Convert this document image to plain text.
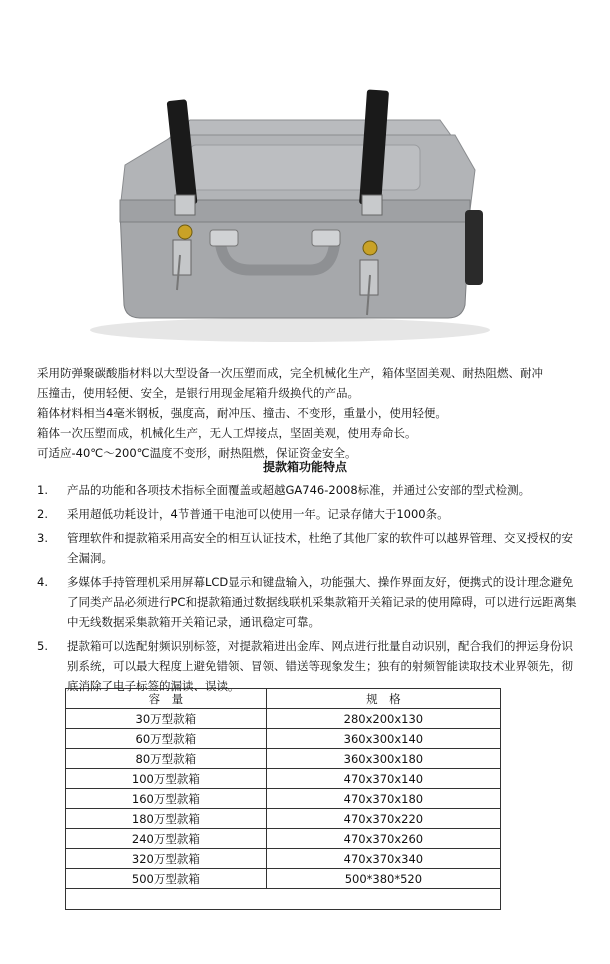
采用防弹聚碳酸脂材料以大型设备一次压塑而成，完全机械化生产，箱体坚固美观、耐热阻燃、耐冲

压撞击，使用轻便、安全，是银行用现金尾箱升级换代的产品。

箱体材料相当4毫米钢板，强度高，耐冲压、撞击、不变形，重量小，使用轻便。

箱体一次压塑而成，机械化生产，无人工焊接点，坚固美观，使用寿命长。

可适应-40℃～200℃温度不变形，耐热阻燃，保证资金安全。

提款箱功能特点
1.	产品的功能和各项技术指标全面覆盖或超越GA746-2008标准，并通过公安部的型式检测。
2.	采用超低功耗设计，4节普通干电池可以使用一年。记录存储大于1000条。
3.	管理软件和提款箱采用高安全的相互认证技术，杜绝了其他厂家的软件可以越界管理、交叉授权的安全漏洞。
4.	多媒体手持管理机采用屏幕LCD显示和键盘输入，功能强大、操作界面友好，便携式的设计理念避免了同类产品必须进行PC和提款箱通过数据线联机采集款箱开关箱记录的使用障碍，可以进行远距离集中无线数据采集款箱开关箱记录，通讯稳定可靠。
5.	提款箱可以选配射频识别标签，对提款箱进出金库、网点进行批量自动识别，配合我们的押运身份识别系统，可以最大程度上避免错领、冒领、错送等现象发生；独有的射频智能读取技术业界领先，彻底消除了电子标签的漏读、误读。
容　量	规　格
30万型款箱	280x200x130
60万型款箱	360x300x140
80万型款箱	360x300x180
100万型款箱	470x370x140
160万型款箱	470x370x180
180万型款箱	470x370x220
240万型款箱	470x370x260
320万型款箱	470x370x340
500万型款箱	500*380*520
